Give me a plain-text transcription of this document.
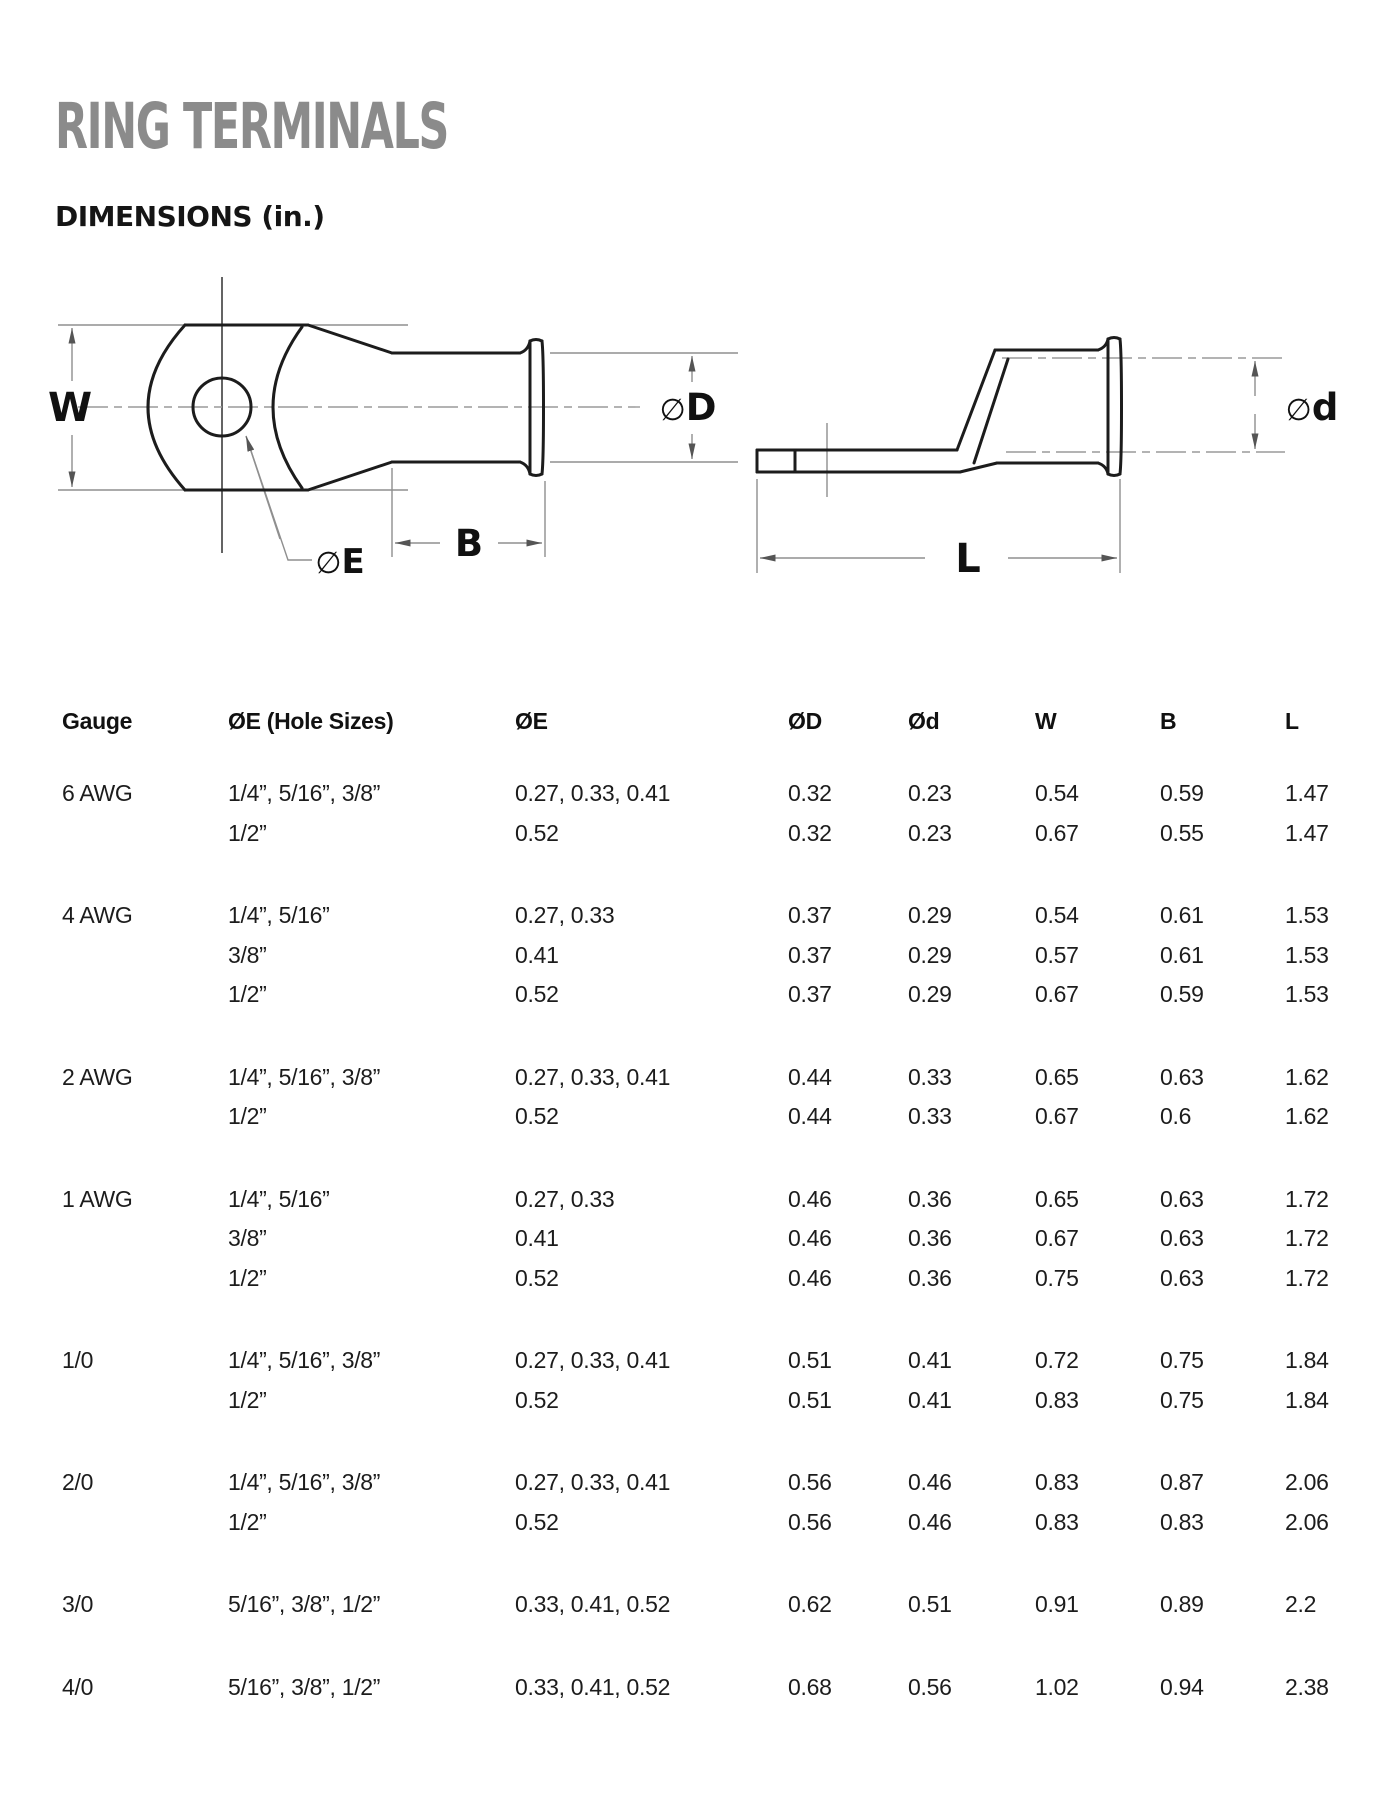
RING TERMINALS
DIMENSIONS (in.)
W	∅D
B
∅E
∅d
L
Gauge	ØE (Hole Sizes)	ØE	ØD	Ød	W	B	L
6 AWG	1/4”, 5/16”, 3/8”	0.27, 0.33, 0.41	0.32	0.23	0.54	0.59	1.47
1/2”	0.52	0.32	0.23	0.67	0.55	1.47
4 AWG	1/4”, 5/16”	0.27, 0.33	0.37	0.29	0.54	0.61	1.53
3/8”	0.41	0.37	0.29	0.57	0.61	1.53
1/2”	0.52	0.37	0.29	0.67	0.59	1.53
2 AWG	1/4”, 5/16”, 3/8”	0.27, 0.33, 0.41	0.44	0.33	0.65	0.63	1.62
1/2”	0.52	0.44	0.33	0.67	0.6	1.62
1 AWG	1/4”, 5/16”	0.27, 0.33	0.46	0.36	0.65	0.63	1.72
3/8”	0.41	0.46	0.36	0.67	0.63	1.72
1/2”	0.52	0.46	0.36	0.75	0.63	1.72
1/0	1/4”, 5/16”, 3/8”	0.27, 0.33, 0.41	0.51	0.41	0.72	0.75	1.84
1/2”	0.52	0.51	0.41	0.83	0.75	1.84
2/0	1/4”, 5/16”, 3/8”	0.27, 0.33, 0.41	0.56	0.46	0.83	0.87	2.06
1/2”	0.52	0.56	0.46	0.83	0.83	2.06
3/0	5/16”, 3/8”, 1/2”	0.33, 0.41, 0.52	0.62	0.51	0.91	0.89	2.2
4/0	5/16”, 3/8”, 1/2”	0.33, 0.41, 0.52	0.68	0.56	1.02	0.94	2.38
